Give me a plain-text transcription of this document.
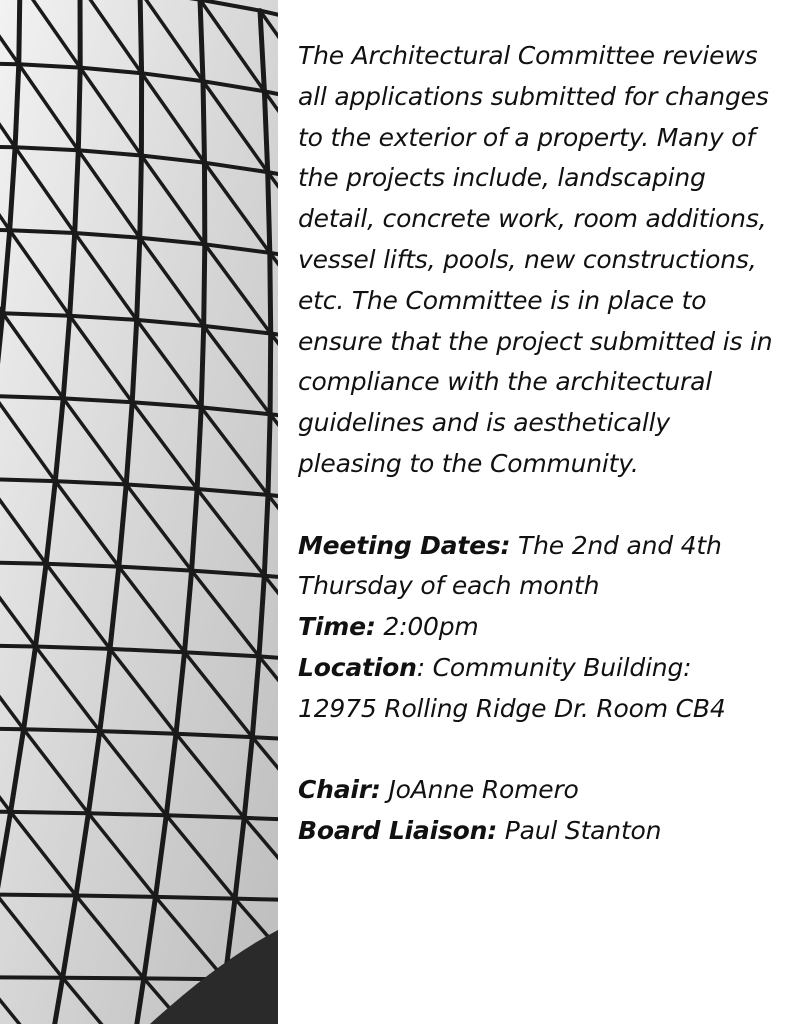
The Architectural Committee reviews all applications submitted for changes to the exterior of a property. Many of the projects include, landscaping detail, concrete work, room additions, vessel lifts, pools, new constructions, etc. The Committee is in place to ensure that the project submitted is in compliance with the architectural guidelines and is aesthetically pleasing to the Community.

Meeting Dates: The 2nd and 4th

Thursday of each month

Time: 2:00pm

Location: Community Building:

12975 Rolling Ridge Dr. Room CB4

Chair: JoAnne Romero

Board Liaison: Paul Stanton
